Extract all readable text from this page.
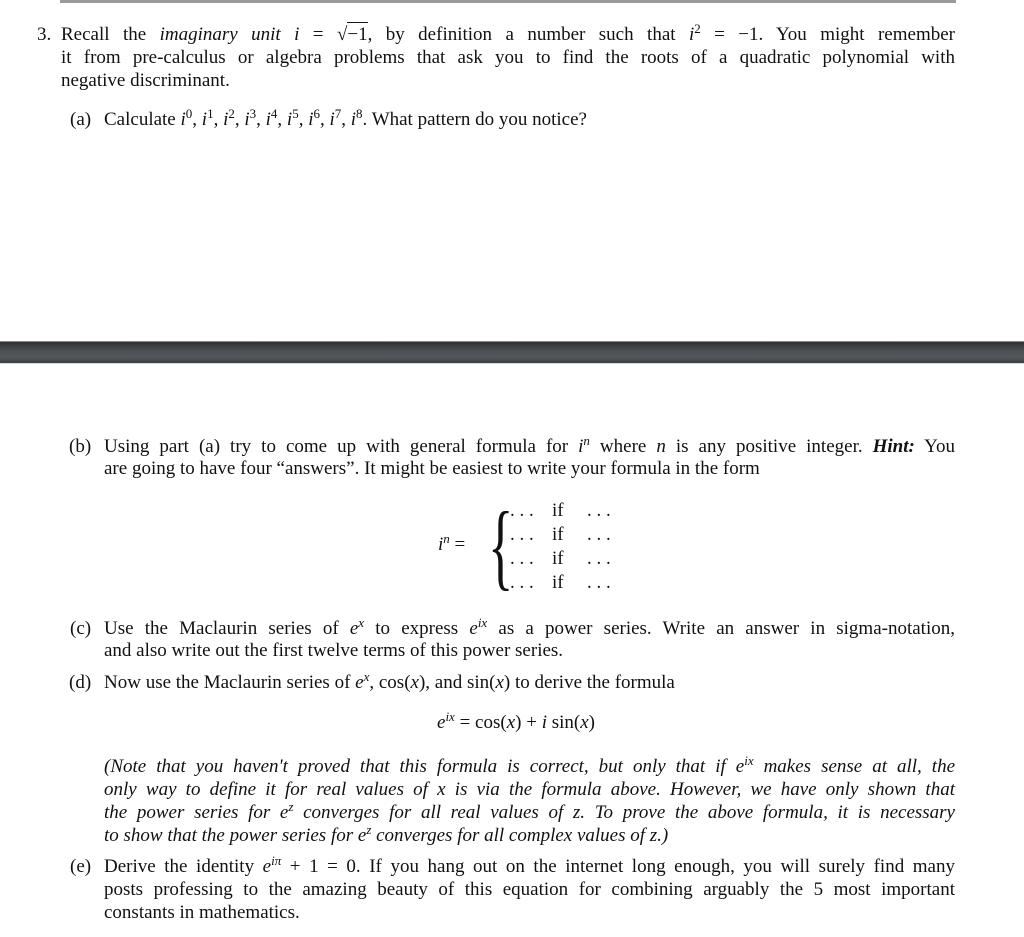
3. Recall the imaginary unit i = √−1, by definition a number such that $i^2 = -1$. You might remember
it from pre-calculus or algebra problems that ask you to find the roots of a quadratic polynomial with
negative discriminant.
(a) Calculate $i^0$, $i^1$, $i^2$, $i^3$, $i^4$, $i^5$, $i^6$, $i^7$, $i^8$. What pattern do you notice?
(b) Using part (a) try to come up with general formula for $i^n$ where n is any positive integer. Hint: You
are going to have four “answers”. It might be easiest to write your formula in the form
$i^n$ = {
. . . if . . .
. . . if . . .
. . . if . . .
. . . if . . .
(c) Use the Maclaurin series of $e^x$ to express $e^{ix}$ as a power series. Write an answer in sigma-notation,
and also write out the first twelve terms of this power series.
(d) Now use the Maclaurin series of $e^x$, cos(x), and sin(x) to derive the formula
$e^{ix} = \cos(x) + i$ sin(x)
(Note that you haven't proved that this formula is correct, but only that if $e^{ix}$ makes sense at all, the
only way to define it for real values of x is via the formula above. However, we have only shown that
the power series for $e^z$ converges for all real values of z. To prove the above formula, it is necessary
to show that the power series for $e^z$ converges for all complex values of z.)
(e) Derive the identity $e^{i\pi} + 1 = 0$. If you hang out on the internet long enough, you will surely find many
posts professing to the amazing beauty of this equation for combining arguably the 5 most important
constants in mathematics.
